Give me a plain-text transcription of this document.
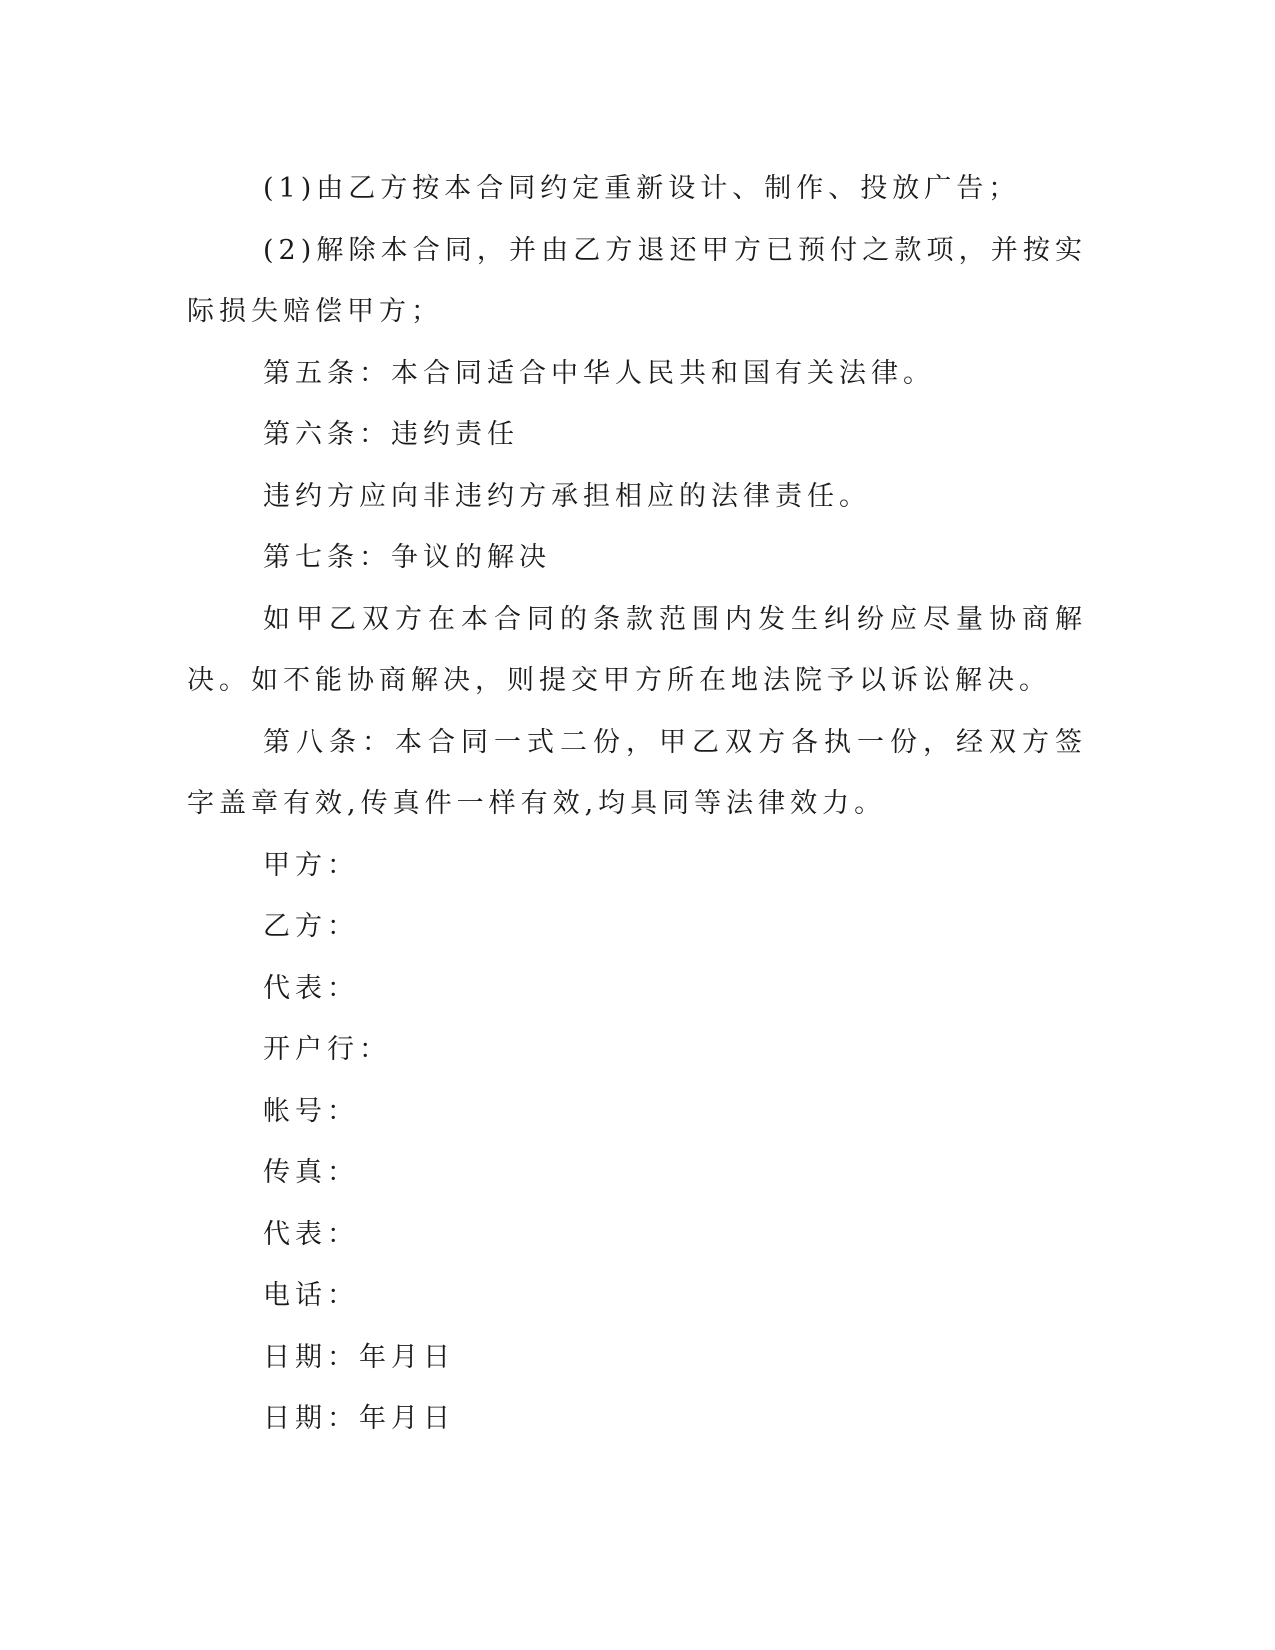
(1)由乙方按本合同约定重新设计、制作、投放广告；

(2)解除本合同，并由乙方退还甲方已预付之款项，并按实际损失赔偿甲方；

第五条：本合同适合中华人民共和国有关法律。

第六条：违约责任

违约方应向非违约方承担相应的法律责任。

第七条：争议的解决

如甲乙双方在本合同的条款范围内发生纠纷应尽量协商解决。如不能协商解决，则提交甲方所在地法院予以诉讼解决。

第八条：本合同一式二份，甲乙双方各执一份，经双方签字盖章有效,传真件一样有效,均具同等法律效力。

甲方：

乙方：

代表：

开户行：

帐号：

传真：

代表：

电话：

日期：年月日

日期：年月日
